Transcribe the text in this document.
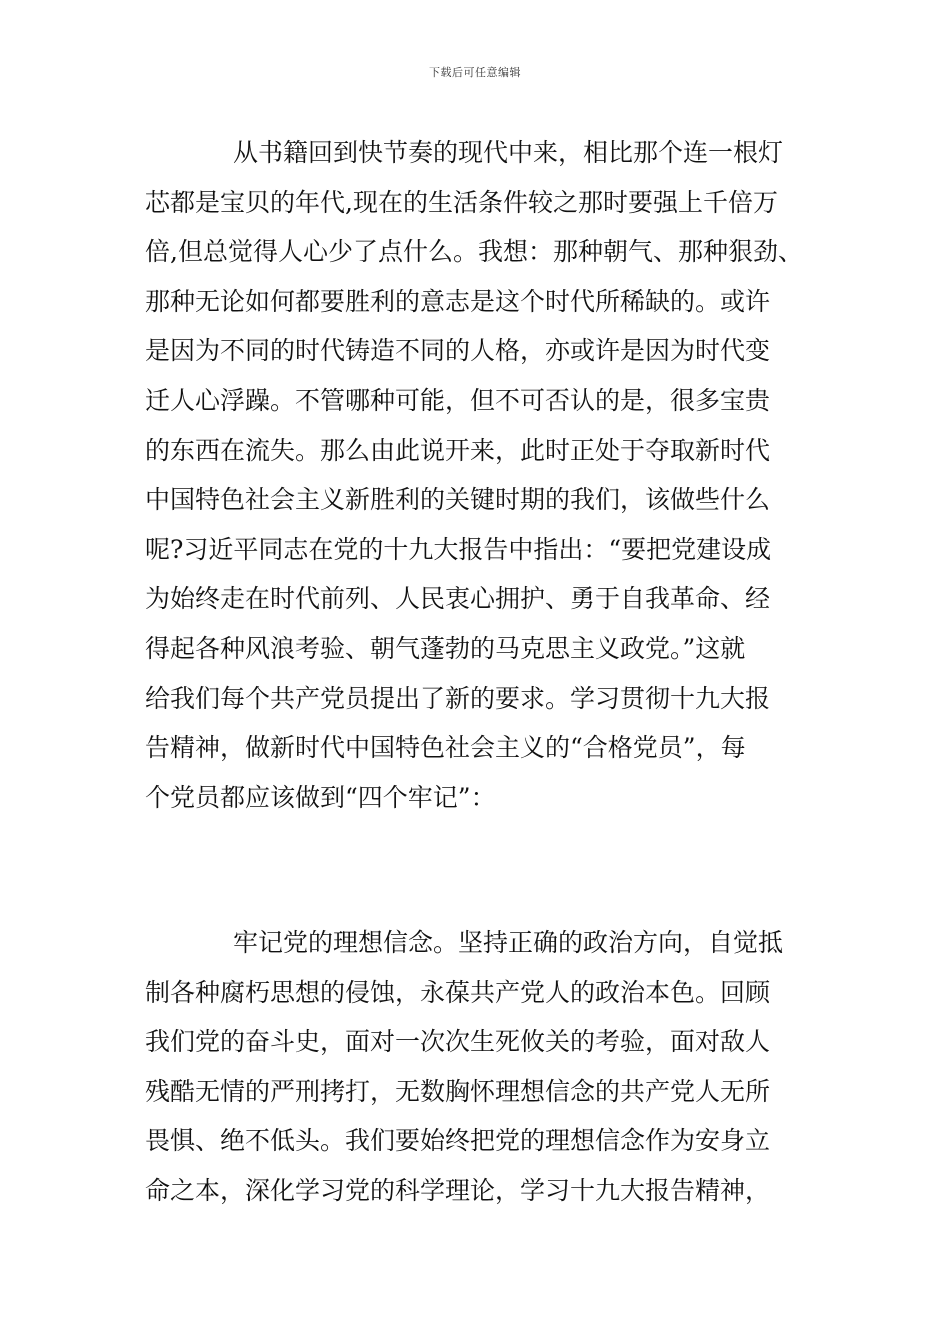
下载后可任意编辑
从书籍回到快节奏的现代中来，相比那个连一根灯
芯都是宝贝的年代,现在的生活条件较之那时要强上千倍万
倍,但总觉得人心少了点什么。我想：那种朝气、那种狠劲、
那种无论如何都要胜利的意志是这个时代所稀缺的。或许
是因为不同的时代铸造不同的人格，亦或许是因为时代变
迁人心浮躁。不管哪种可能，但不可否认的是，很多宝贵
的东西在流失。那么由此说开来，此时正处于夺取新时代
中国特色社会主义新胜利的关键时期的我们，该做些什么
呢?习近平同志在党的十九大报告中指出：“要把党建设成
为始终走在时代前列、人民衷心拥护、勇于自我革命、经
得起各种风浪考验、朝气蓬勃的马克思主义政党。”这就
给我们每个共产党员提出了新的要求。学习贯彻十九大报
告精神，做新时代中国特色社会主义的“合格党员”，每
个党员都应该做到“四个牢记”：
牢记党的理想信念。坚持正确的政治方向，自觉抵
制各种腐朽思想的侵蚀，永葆共产党人的政治本色。回顾
我们党的奋斗史，面对一次次生死攸关的考验，面对敌人
残酷无情的严刑拷打，无数胸怀理想信念的共产党人无所
畏惧、绝不低头。我们要始终把党的理想信念作为安身立
命之本，深化学习党的科学理论，学习十九大报告精神，
